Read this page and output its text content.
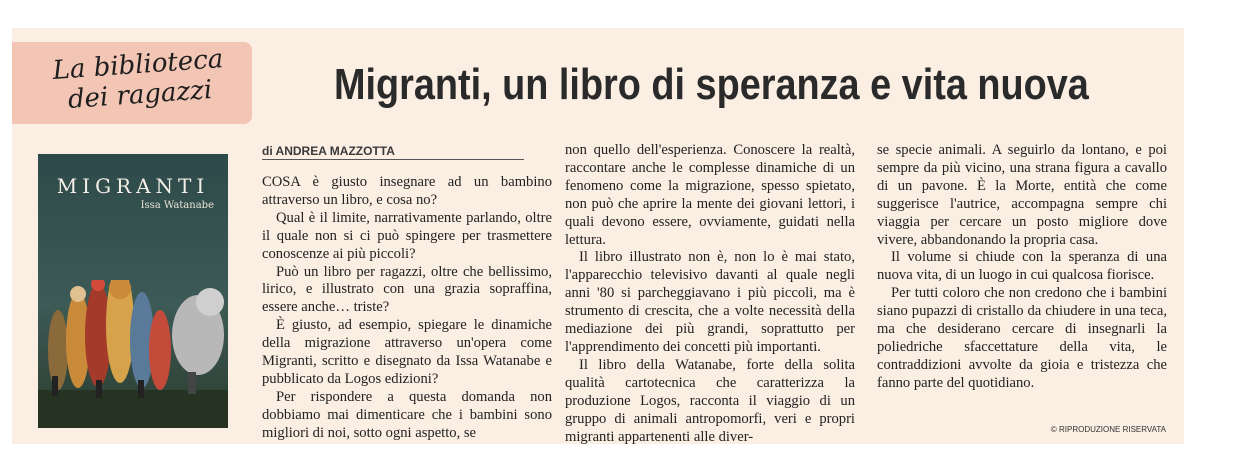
La biblioteca
dei ragazzi	Migranti, un libro di speranza e vita nuova
MIGRANTI
Issa Watanabe
di ANDREA MAZZOTTA

COSA è giusto insegnare ad un bambino attraverso un libro, e cosa no?

Qual è il limite, narrativamente parlando, oltre il quale non si ci può spingere per trasmettere conoscenze ai più piccoli?

Può un libro per ragazzi, oltre che bellissimo, lirico, e illustrato con una grazia sopraffina, essere anche… triste?

È giusto, ad esempio, spiegare le dinamiche della migrazione attraverso un'opera come Migranti, scritto e disegnato da Issa Watanabe e pubblicato da Logos edizioni?

Per rispondere a questa domanda non dobbiamo mai dimenticare che i bambini sono migliori di noi, sotto ogni aspetto, se

non quello dell'esperienza. Conoscere la realtà, raccontare anche le complesse dinamiche di un fenomeno come la migrazione, spesso spietato, non può che aprire la mente dei giovani lettori, i quali devono essere, ovviamente, guidati nella lettura.

Il libro illustrato non è, non lo è mai stato, l'apparecchio televisivo davanti al quale negli anni '80 si parcheggiavano i più piccoli, ma è strumento di crescita, che a volte necessità della mediazione dei più grandi, soprattutto per l'apprendimento dei concetti più importanti.

Il libro della Watanabe, forte della solita qualità cartotecnica che caratterizza la produzione Logos, racconta il viaggio di un gruppo di animali antropomorfi, veri e propri migranti appartenenti alle diver-

se specie animali. A seguirlo da lontano, e poi sempre da più vicino, una strana figura a cavallo di un pavone. È la Morte, entità che come suggerisce l'autrice, accompagna sempre chi viaggia per cercare un posto migliore dove vivere, abbandonando la propria casa.

Il volume si chiude con la speranza di una nuova vita, di un luogo in cui qualcosa fiorisce.

Per tutti coloro che non credono che i bambini siano pupazzi di cristallo da chiudere in una teca, ma che desiderano cercare di insegnarli la poliedriche sfaccettature della vita, le contraddizioni avvolte da gioia e tristezza che fanno parte del quotidiano.

© RIPRODUZIONE RISERVATA
